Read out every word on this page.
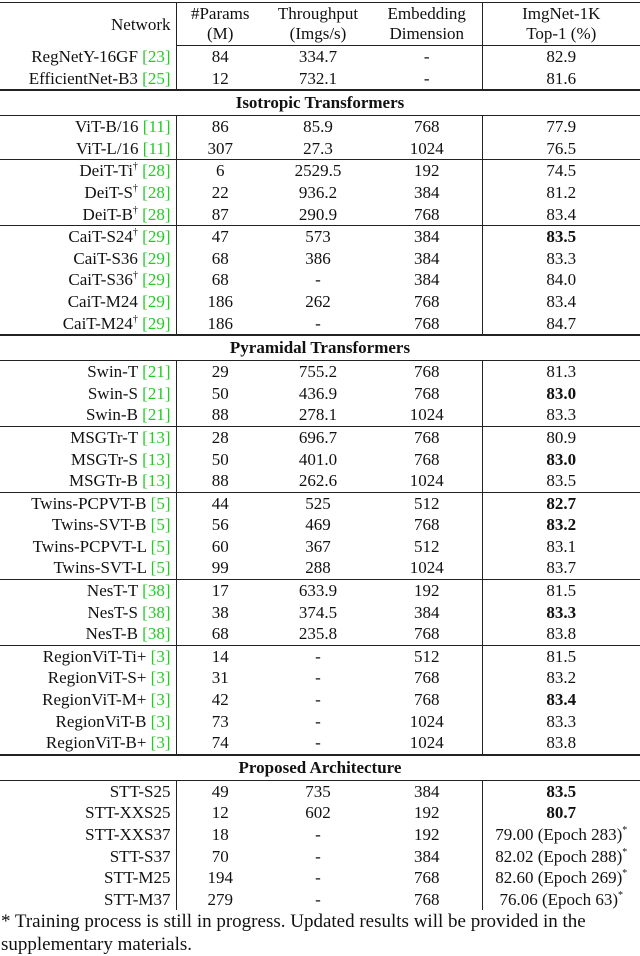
Network	#Params	Throughput	Embedding	ImgNet-1K
	(M)	(Imgs/s)	Dimension	Top-1 (%)
RegNetY-16GF [23]	84	334.7	-	82.9
EfficientNet-B3 [25]	12	732.1	-	81.6
Isotropic Transformers				
ViT-B/16 [11]	86	85.9	768	77.9
ViT-L/16 [11]	307	27.3	1024	76.5
DeiT-Ti† [28]	6	2529.5	192	74.5
DeiT-S† [28]	22	936.2	384	81.2
DeiT-B† [28]	87	290.9	768	83.4
CaiT-S24† [29]	47	573	384	83.5
CaiT-S36 [29]	68	386	384	83.3
CaiT-S36† [29]	68	-	384	84.0
CaiT-M24 [29]	186	262	768	83.4
CaiT-M24† [29]	186	-	768	84.7
Pyramidal Transformers				
Swin-T [21]	29	755.2	768	81.3
Swin-S [21]	50	436.9	768	83.0
Swin-B [21]	88	278.1	1024	83.3
MSGTr-T [13]	28	696.7	768	80.9
MSGTr-S [13]	50	401.0	768	83.0
MSGTr-B [13]	88	262.6	1024	83.5
Twins-PCPVT-B [5]	44	525	512	82.7
Twins-SVT-B [5]	56	469	768	83.2
Twins-PCPVT-L [5]	60	367	512	83.1
Twins-SVT-L [5]	99	288	1024	83.7
NesT-T [38]	17	633.9	192	81.5
NesT-S [38]	38	374.5	384	83.3
NesT-B [38]	68	235.8	768	83.8
RegionViT-Ti+ [3]	14	-	512	81.5
RegionViT-S+ [3]	31	-	768	83.2
RegionViT-M+ [3]	42	-	768	83.4
RegionViT-B [3]	73	-	1024	83.3
RegionViT-B+ [3]	74	-	1024	83.8
Proposed Architecture				
STT-S25	49	735	384	83.5
STT-XXS25	12	602	192	80.7
STT-XXS37	18	-	192	79.00 (Epoch 283)*
STT-S37	70	-	384	82.02 (Epoch 288)*
STT-M25	194	-	768	82.60 (Epoch 269)*
STT-M37	279	-	768	76.06 (Epoch 63)*
* Training process is still in progress. Updated results will be provided in the supplementary materials.
